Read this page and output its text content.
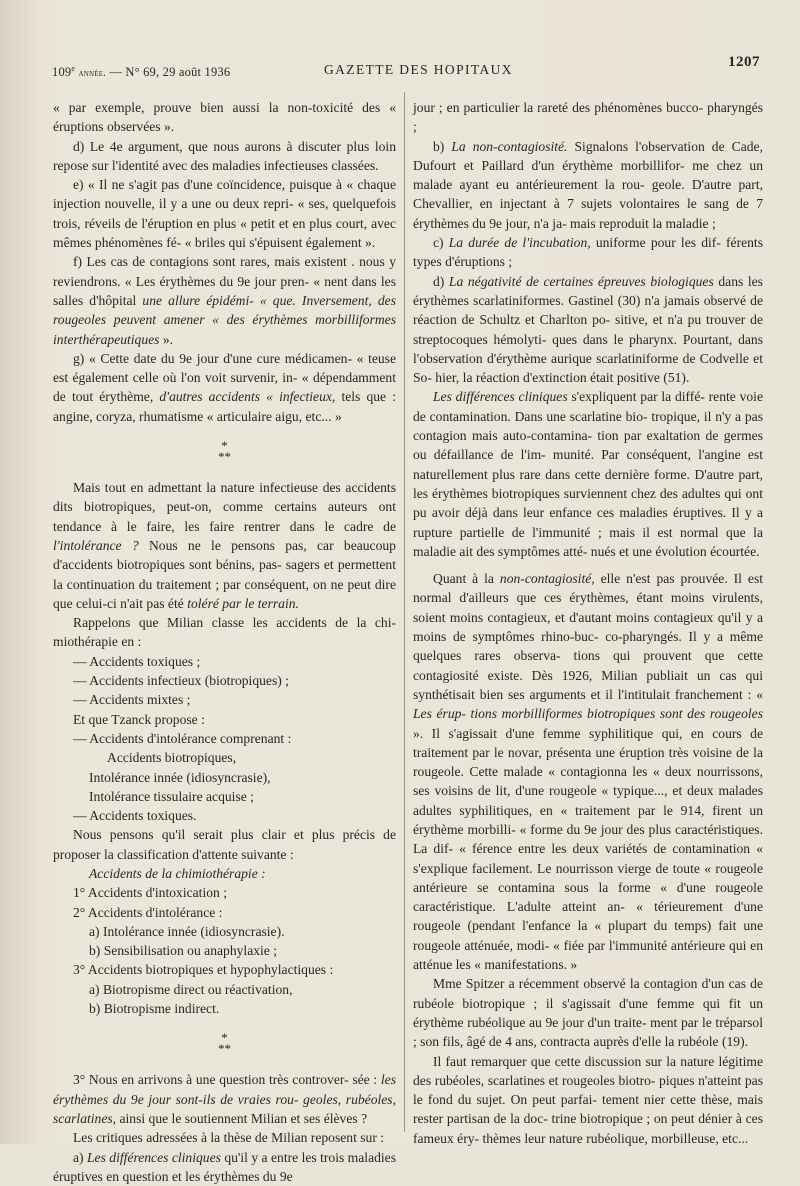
109e année. — N° 69, 29 août 1936	GAZETTE DES HOPITAUX	1207

« par exemple, prouve bien aussi la non-toxicité des « éruptions observées ».

d) Le 4e argument, que nous aurons à discuter plus loin repose sur l'identité avec des maladies infectieuses classées.

e) « Il ne s'agit pas d'une coïncidence, puisque à « chaque injection nouvelle, il y a une ou deux repri- « ses, quelquefois trois, réveils de l'éruption en plus « petit et en plus court, avec mêmes phénomènes fé- « briles qui s'épuisent également ».

f) Les cas de contagions sont rares, mais existent . nous y reviendrons. « Les érythèmes du 9e jour pren- « nent dans les salles d'hôpital une allure épidémi- « que. Inversement, des rougeoles peuvent amener « des érythèmes morbilliformes interthérapeutiques ».

g) « Cette date du 9e jour d'une cure médicamen- « teuse est également celle où l'on voit survenir, in- « dépendamment de tout érythème, d'autres accidents « infectieux, tels que : angine, coryza, rhumatisme « articulaire aigu, etc... »

*
**

Mais tout en admettant la nature infectieuse des accidents dits biotropiques, peut-on, comme certains auteurs ont tendance à le faire, les faire rentrer dans le cadre de l'intolérance ? Nous ne le pensons pas, car beaucoup d'accidents biotropiques sont bénins, pas- sagers et permettent la continuation du traitement ; par conséquent, on ne peut dire que celui-ci n'ait pas été toléré par le terrain.

Rappelons que Milian classe les accidents de la chi- miothérapie en :

— Accidents toxiques ;

— Accidents infectieux (biotropiques) ;

— Accidents mixtes ;

Et que Tzanck propose :

— Accidents d'intolérance comprenant :

Accidents biotropiques,

Intolérance innée (idiosyncrasie),

Intolérance tissulaire acquise ;

— Accidents toxiques.

Nous pensons qu'il serait plus clair et plus précis de proposer la classification d'attente suivante :

Accidents de la chimiothérapie :

1° Accidents d'intoxication ;

2° Accidents d'intolérance :

a) Intolérance innée (idiosyncrasie).

b) Sensibilisation ou anaphylaxie ;

3° Accidents biotropiques et hypophylactiques :

a) Biotropisme direct ou réactivation,

b) Biotropisme indirect.

*
**

3° Nous en arrivons à une question très controver- sée : les érythèmes du 9e jour sont-ils de vraies rou- geoles, rubéoles, scarlatines, ainsi que le soutiennent Milian et ses élèves ?

Les critiques adressées à la thèse de Milian reposent sur :

a) Les différences cliniques qu'il y a entre les trois maladies éruptives en question et les érythèmes du 9e

jour ; en particulier la rareté des phénomènes bucco- pharyngés ;

b) La non-contagiosité. Signalons l'observation de Cade, Dufourt et Paillard d'un érythème morbillifor- me chez un malade ayant eu antérieurement la rou- geole. D'autre part, Chevallier, en injectant à 7 sujets volontaires le sang de 7 érythèmes du 9e jour, n'a ja- mais reproduit la maladie ;

c) La durée de l'incubation, uniforme pour les dif- férents types d'éruptions ;

d) La négativité de certaines épreuves biologiques dans les érythèmes scarlatiniformes. Gastinel (30) n'a jamais observé de réaction de Schultz et Charlton po- sitive, et n'a pu trouver de streptocoques hémolyti- ques dans le pharynx. Pourtant, dans l'observation d'érythème aurique scarlatiniforme de Codvelle et So- hier, la réaction d'extinction était positive (51).

Les différences cliniques s'expliquent par la diffé- rente voie de contamination. Dans une scarlatine bio- tropique, il n'y a pas contagion mais auto-contamina- tion par exaltation de germes ou défaillance de l'im- munité. Par conséquent, l'angine est naturellement plus rare dans cette dernière forme. D'autre part, les érythèmes biotropiques surviennent chez des adultes qui ont pu avoir déjà dans leur enfance ces maladies éruptives. Il y a rupture partielle de l'immunité ; mais il est normal que la maladie ait des symptômes atté- nués et une évolution écourtée.

Quant à la non-contagiosité, elle n'est pas prouvée. Il est normal d'ailleurs que ces érythèmes, étant moins virulents, soient moins contagieux, et d'autant moins contagieux qu'il y a moins de symptômes rhino-buc- co-pharyngés. Il y a même quelques rares observa- tions qui prouvent que cette contagiosité existe. Dès 1926, Milian publiait un cas qui synthétisait bien ses arguments et il l'intitulait franchement : « Les érup- tions morbilliformes biotropiques sont des rougeoles ». Il s'agissait d'une femme syphilitique qui, en cours de traitement par le novar, présenta une éruption très voisine de la rougeole. Cette malade « contagionna les « deux nourrissons, ses voisins de lit, d'une rougeole « typique..., et deux malades adultes syphilitiques, en « traitement par le 914, firent un érythème morbilli- « forme du 9e jour des plus caractéristiques. La dif- « férence entre les deux variétés de contamination « s'explique facilement. Le nourrisson vierge de toute « rougeole antérieure se contamina sous la forme « d'une rougeole caractéristique. L'adulte atteint an- « térieurement d'une rougeole (pendant l'enfance la « plupart du temps) fait une rougeole atténuée, modi- « fiée par l'immunité antérieure qui en atténue les « manifestations. »

Mme Spitzer a récemment observé la contagion d'un cas de rubéole biotropique ; il s'agissait d'une femme qui fit un érythème rubéolique au 9e jour d'un traite- ment par le tréparsol ; son fils, âgé de 4 ans, contracta auprès d'elle la rubéole (19).

Il faut remarquer que cette discussion sur la nature légitime des rubéoles, scarlatines et rougeoles biotro- piques n'atteint pas le fond du sujet. On peut parfai- tement nier cette thèse, mais rester partisan de la doc- trine biotropique ; on peut dénier à ces fameux éry- thèmes leur nature rubéolique, morbilleuse, etc...
